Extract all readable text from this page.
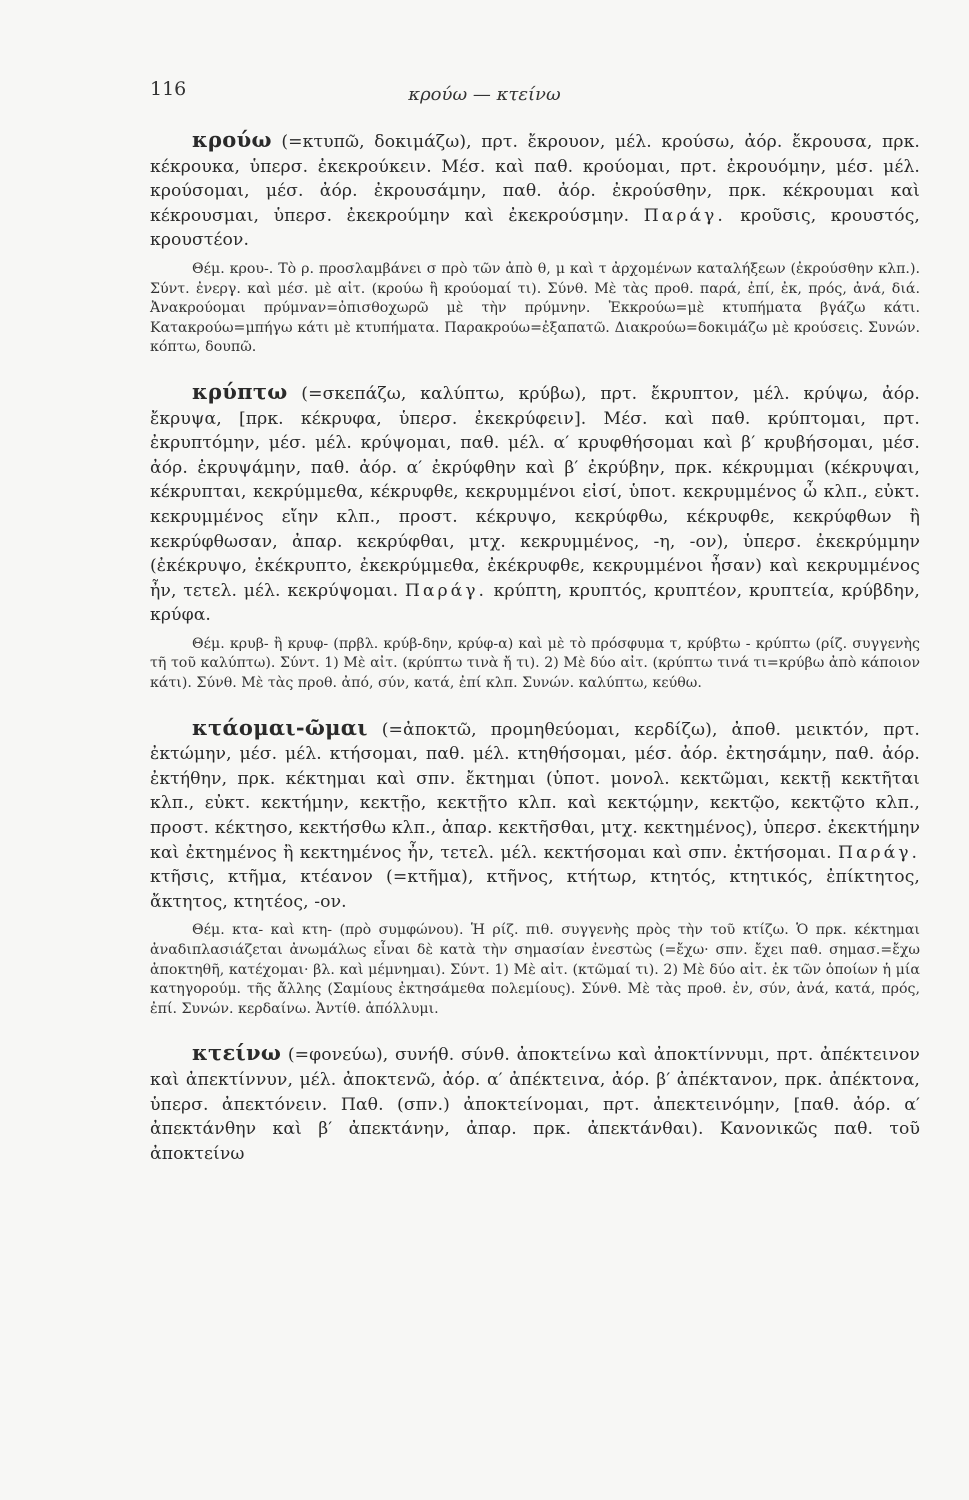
116	κρούω — κτείνω

κρούω (=κτυπῶ, δοκιμάζω), πρτ. ἔκρουον, μέλ. κρούσω, ἀόρ. ἔκρουσα, πρκ. κέκρουκα, ὑπερσ. ἐκεκρούκειν. Μέσ. καὶ παθ. κρούομαι, πρτ. ἐκρουόμην, μέσ. μέλ. κρούσομαι, μέσ. ἀόρ. ἐκρουσάμην, παθ. ἀόρ. ἐκρούσθην, πρκ. κέκρουμαι καὶ κέκρουσμαι, ὑπερσ. ἐκεκρούμην καὶ ἐκεκρούσμην. Παράγ. κροῦσις, κρουστός, κρουστέον.

Θέμ. κρου-. Τὸ ρ. προσλαμβάνει σ πρὸ τῶν ἀπὸ θ, μ καὶ τ ἀρχομένων καταλήξεων (ἐκρούσθην κλπ.). Σύντ. ἐνεργ. καὶ μέσ. μὲ αἰτ. (κρούω ἢ κρούομαί τι). Σύνθ. Μὲ τὰς προθ. παρά, ἐπί, ἐκ, πρός, ἀνά, διά. Ἀνακρούομαι πρύμναν=ὀπισθοχωρῶ μὲ τὴν πρύμνην. Ἐκκρούω=μὲ κτυπήματα βγάζω κάτι. Κατακρούω=μπήγω κάτι μὲ κτυπήματα. Παρακρούω=ἐξαπατῶ. Διακρούω=δοκιμάζω μὲ κρούσεις. Συνών. κόπτω, δουπῶ.

κρύπτω (=σκεπάζω, καλύπτω, κρύβω), πρτ. ἔκρυπτον, μέλ. κρύψω, ἀόρ. ἔκρυψα, [πρκ. κέκρυφα, ὑπερσ. ἐκεκρύφειν]. Μέσ. καὶ παθ. κρύπτομαι, πρτ. ἐκρυπτόμην, μέσ. μέλ. κρύψομαι, παθ. μέλ. α′ κρυφθήσομαι καὶ β′ κρυβήσομαι, μέσ. ἀόρ. ἐκρυψάμην, παθ. ἀόρ. α′ ἐκρύφθην καὶ β′ ἐκρύβην, πρκ. κέκρυμμαι (κέκρυψαι, κέκρυπται, κεκρύμμεθα, κέκρυφθε, κεκρυμμένοι εἰσί, ὑποτ. κεκρυμμένος ὦ κλπ., εὐκτ. κεκρυμμένος εἴην κλπ., προστ. κέκρυψο, κεκρύφθω, κέκρυφθε, κεκρύφθων ἢ κεκρύφθωσαν, ἀπαρ. κεκρύφθαι, μτχ. κεκρυμμένος, -η, -ον), ὑπερσ. ἐκεκρύμμην (ἐκέκρυψο, ἐκέκρυπτο, ἐκεκρύμμεθα, ἐκέκρυφθε, κεκρυμμένοι ἦσαν) καὶ κεκρυμμένος ἦν, τετελ. μέλ. κεκρύψομαι. Παράγ. κρύπτη, κρυπτός, κρυπτέον, κρυπτεία, κρύβδην, κρύφα.

Θέμ. κρυβ- ἢ κρυφ- (πρβλ. κρύβ-δην, κρύφ-α) καὶ μὲ τὸ πρόσφυμα τ, κρύβτω - κρύπτω (ρίζ. συγγενὴς τῆ τοῦ καλύπτω). Σύντ. 1) Μὲ αἰτ. (κρύπτω τινὰ ἤ τι). 2) Μὲ δύο αἰτ. (κρύπτω τινά τι=κρύβω ἀπὸ κάποιον κάτι). Σύνθ. Μὲ τὰς προθ. ἀπό, σύν, κατά, ἐπί κλπ. Συνών. καλύπτω, κεύθω.

κτάομαι-ῶμαι (=ἀποκτῶ, προμηθεύομαι, κερδίζω), ἀποθ. μεικτόν, πρτ. ἐκτώμην, μέσ. μέλ. κτήσομαι, παθ. μέλ. κτηθήσομαι, μέσ. ἀόρ. ἐκτησάμην, παθ. ἀόρ. ἐκτήθην, πρκ. κέκτημαι καὶ σπν. ἔκτημαι (ὑποτ. μονολ. κεκτῶμαι, κεκτῇ κεκτῆται κλπ., εὐκτ. κεκτήμην, κεκτῇο, κεκτῇτο κλπ. καὶ κεκτῴμην, κεκτῷο, κεκτῷτο κλπ., προστ. κέκτησο, κεκτήσθω κλπ., ἀπαρ. κεκτῆσθαι, μτχ. κεκτημένος), ὑπερσ. ἐκεκτήμην καὶ ἐκτημένος ἢ κεκτημένος ἦν, τετελ. μέλ. κεκτήσομαι καὶ σπν. ἐκτήσομαι. Παράγ. κτῆσις, κτῆμα, κτέανον (=κτῆμα), κτῆνος, κτήτωρ, κτητός, κτητικός, ἐπίκτητος, ἄκτητος, κτητέος, -ον.

Θέμ. κτα- καὶ κτη- (πρὸ συμφώνου). Ἡ ρίζ. πιθ. συγγενὴς πρὸς τὴν τοῦ κτίζω. Ὁ πρκ. κέκτημαι ἀναδιπλασιάζεται ἀνωμάλως εἶναι δὲ κατὰ τὴν σημασίαν ἐνεστὼς (=ἔχω· σπν. ἔχει παθ. σημασ.=ἔχω ἀποκτηθῆ, κατέχομαι· βλ. καὶ μέμνημαι). Σύντ. 1) Μὲ αἰτ. (κτῶμαί τι). 2) Μὲ δύο αἰτ. ἐκ τῶν ὁποίων ἡ μία κατηγορούμ. τῆς ἄλλης (Σαμίους ἐκτησάμεθα πολεμίους). Σύνθ. Μὲ τὰς προθ. ἐν, σύν, ἀνά, κατά, πρός, ἐπί. Συνών. κερδαίνω. Ἀντίθ. ἀπόλλυμι.

κτείνω (=φονεύω), συνήθ. σύνθ. ἀποκτείνω καὶ ἀποκτίννυμι, πρτ. ἀπέκτεινον καὶ ἀπεκτίννυν, μέλ. ἀποκτενῶ, ἀόρ. α′ ἀπέκτεινα, ἀόρ. β′ ἀπέκτανον, πρκ. ἀπέκτονα, ὑπερσ. ἀπεκτόνειν. Παθ. (σπν.) ἀποκτείνομαι, πρτ. ἀπεκτεινόμην, [παθ. ἀόρ. α′ ἀπεκτάνθην καὶ β′ ἀπεκτάνην, ἀπαρ. πρκ. ἀπεκτάνθαι). Κανονικῶς παθ. τοῦ ἀποκτείνω
